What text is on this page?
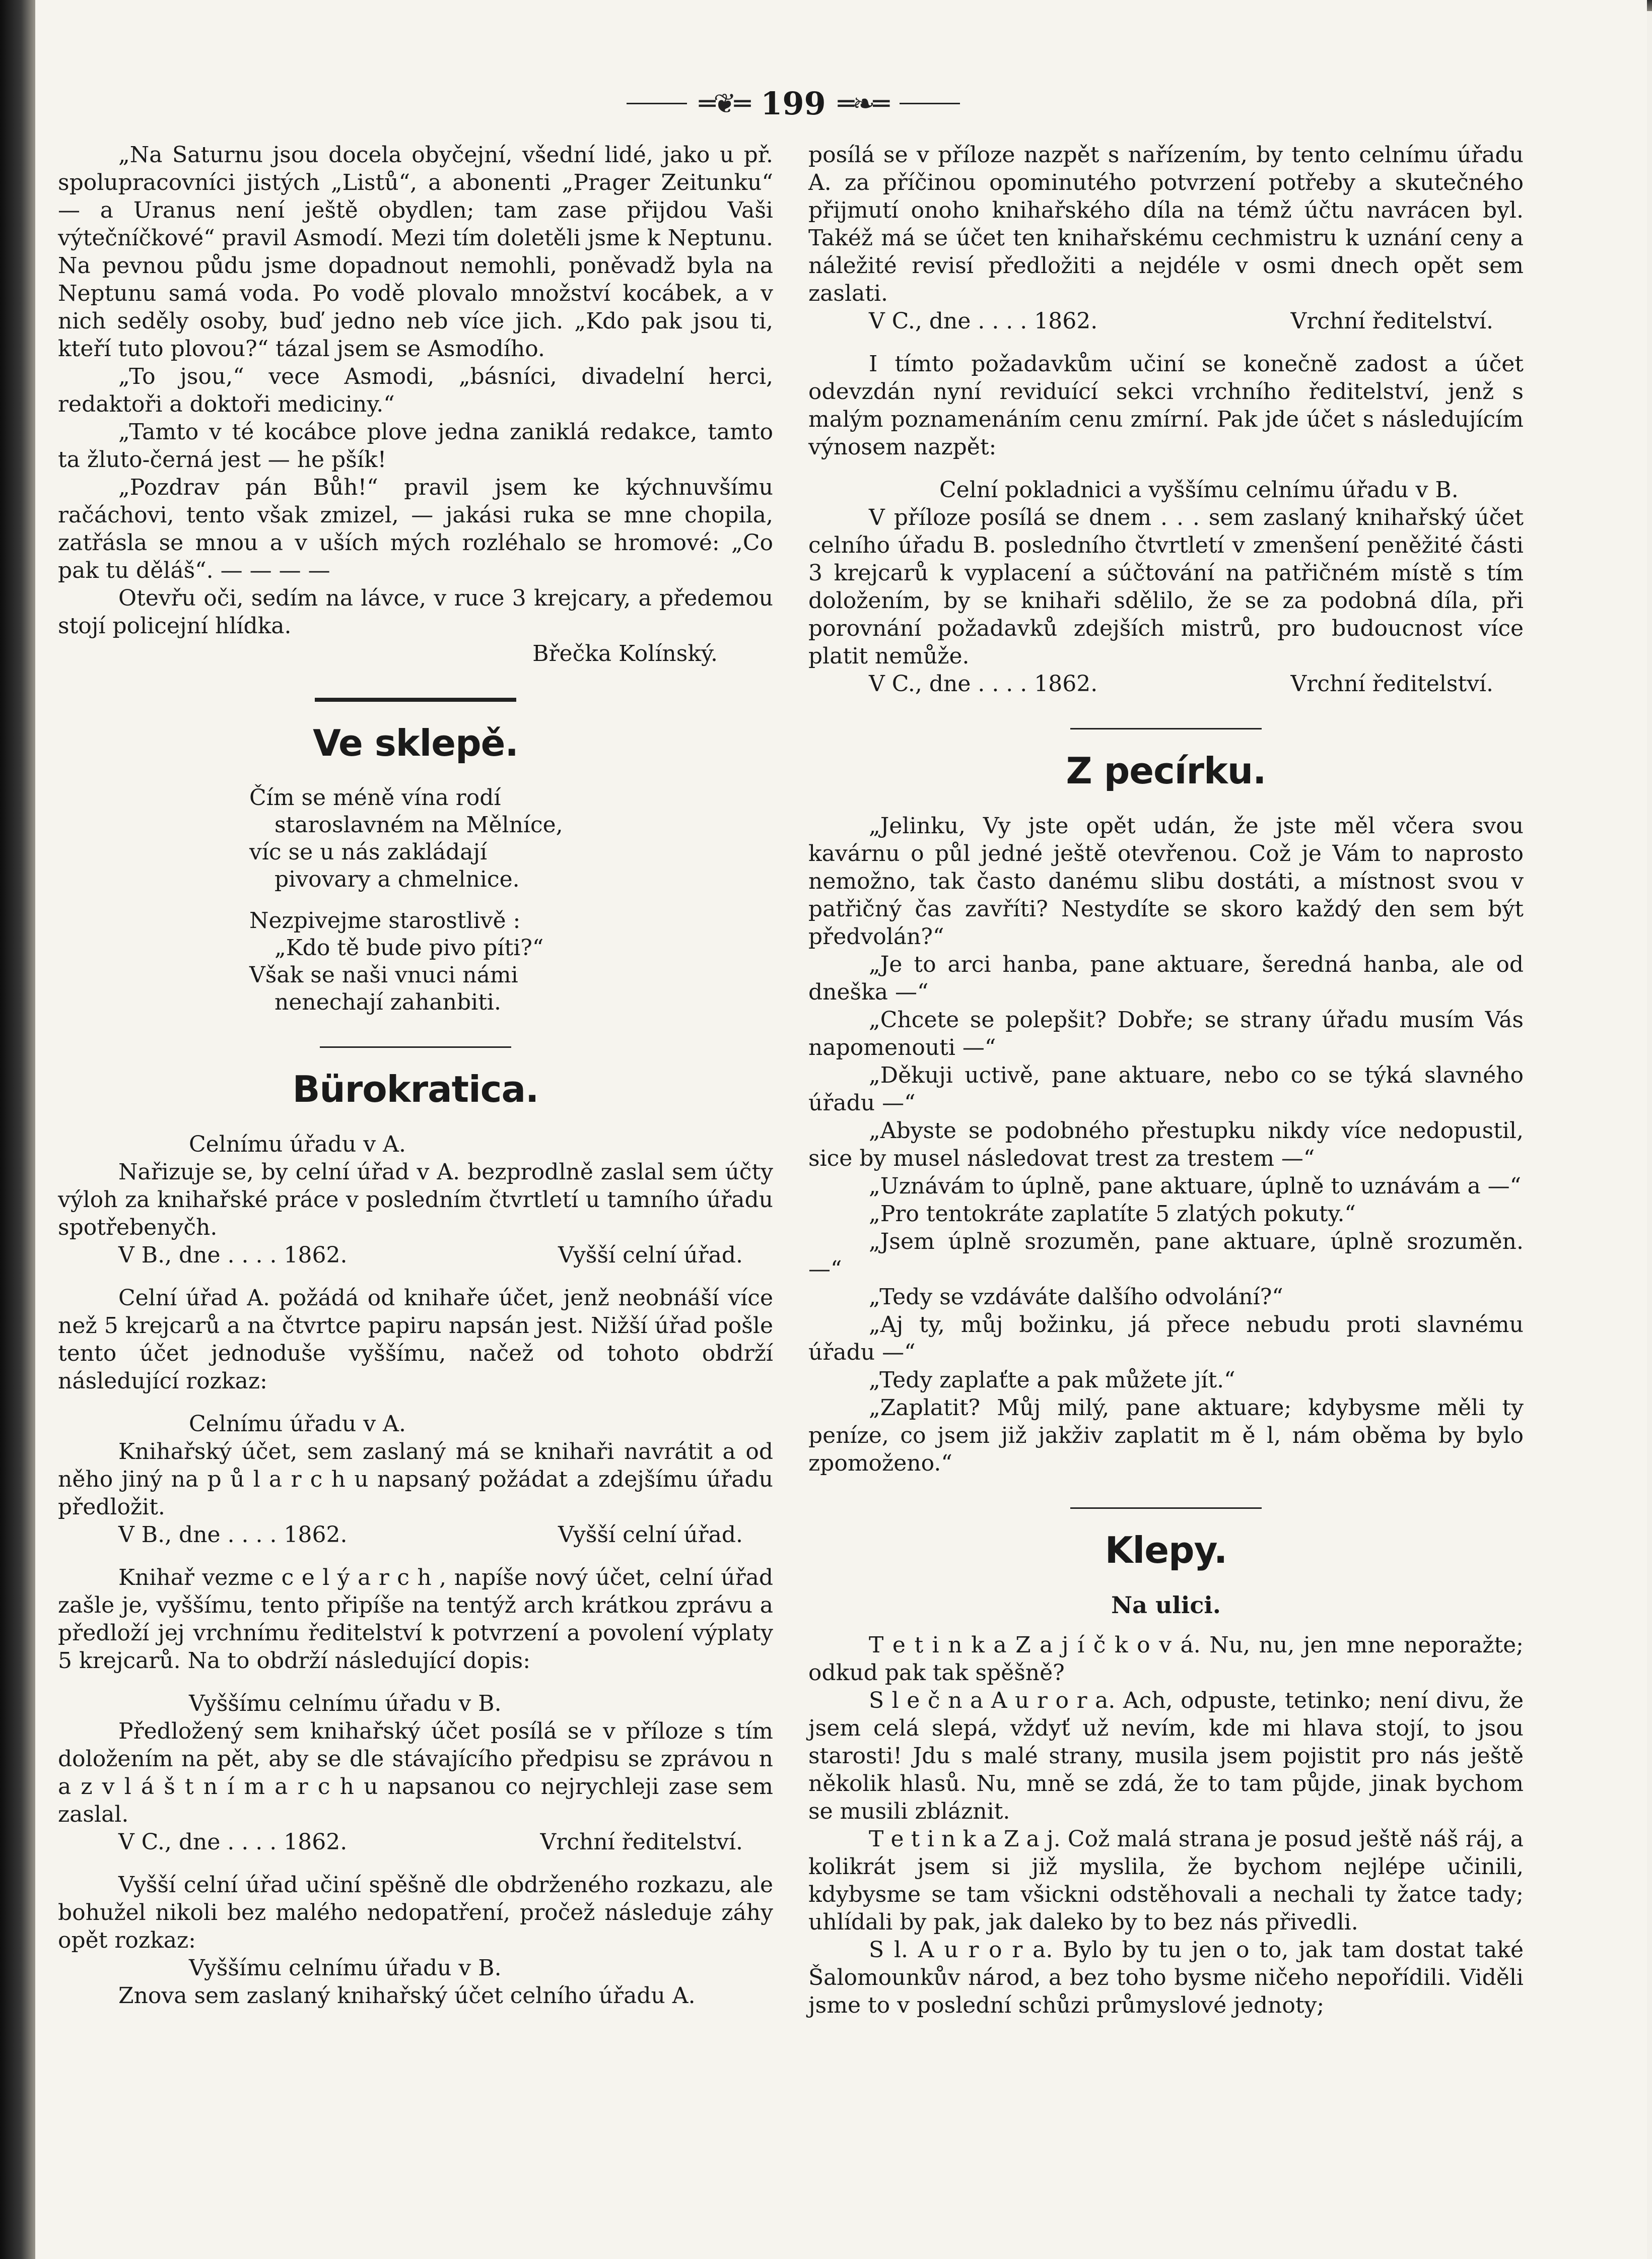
═❦═ 199 ═❧═

„Na Saturnu jsou docela obyčejní, všední lidé, jako u př. spolupracovníci jistých „Listů“, a abonenti „Prager Zeitunku“ — a Uranus není ještě obydlen; tam zase přijdou Vaši výtečníčkové“ pravil Asmodí. Mezi tím doletěli jsme k Neptunu. Na pevnou půdu jsme dopadnout nemohli, poněvadž byla na Neptunu samá voda. Po vodě plovalo množství kocábek, a v nich seděly osoby, buď jedno neb více jich. „Kdo pak jsou ti, kteří tuto plovou?“ tázal jsem se Asmodího.

„To jsou,“ vece Asmodi, „básníci, divadelní herci, redaktoři a doktoři mediciny.“

„Tamto v té kocábce plove jedna zaniklá redakce, tamto ta žluto-černá jest — he pšík!

„Pozdrav pán Bůh!“ pravil jsem ke kýchnuvšímu račáchovi, tento však zmizel, — jakási ruka se mne chopila, zatřásla se mnou a v uších mých rozléhalo se hromové: „Co pak tu děláš“. — — — —

Otevřu oči, sedím na lávce, v ruce 3 krejcary, a předemou stojí policejní hlídka.

Břečka Kolínský.
Ve sklepě.
Čím se méně vína rodí
staroslavném na Mělníce,
víc se u nás zakládají
pivovary a chmelnice.
Nezpivejme starostlivě :
„Kdo tě bude pivo píti?“
Však se naši vnuci námi
nenechají zahanbiti.
Bürokratica.
Celnímu úřadu v A.

Nařizuje se, by celní úřad v A. bezprodlně zaslal sem účty výloh za knihařské práce v posledním čtvrtletí u tamního úřadu spotřebenyčh.

V B., dne . . . . 1862.	Vyšší celní úřad.

Celní úřad A. požádá od knihaře účet, jenž neobnáší více než 5 krejcarů a na čtvrtce papiru napsán jest. Nižší úřad pošle tento účet jednoduše vyššímu, načež od tohoto obdrží následující rozkaz:

Celnímu úřadu v A.

Knihařský účet, sem zaslaný má se knihaři navrátit a od něho jiný na p ů l a r c h u napsaný požádat a zdejšímu úřadu předložit.

V B., dne . . . . 1862.	Vyšší celní úřad.

Knihař vezme c e l ý a r c h , napíše nový účet, celní úřad zašle je, vyššímu, tento připíše na tentýž arch krátkou zprávu a předloží jej vrchnímu ředitelství k potvrzení a povolení výplaty 5 krejcarů. Na to obdrží následující dopis:

Vyššímu celnímu úřadu v B.

Předložený sem knihařský účet posílá se v příloze s tím doložením na pět, aby se dle stávajícího předpisu se zprávou n a z v l á š t n í m a r c h u napsanou co nejrychleji zase sem zaslal.

V C., dne . . . . 1862.	Vrchní ředitelství.

Vyšší celní úřad učiní spěšně dle obdrženého rozkazu, ale bohužel nikoli bez malého nedopatření, pročež následuje záhy opět rozkaz:

Vyššímu celnímu úřadu v B.

Znova sem zaslaný knihařský účet celního úřadu A.

posílá se v příloze nazpět s nařízením, by tento celnímu úřadu A. za příčinou opominutého potvrzení potřeby a skutečného přijmutí onoho knihařského díla na témž účtu navrácen byl. Takéž má se účet ten knihařskému cechmistru k uznání ceny a náležité revisí předložiti a nejdéle v osmi dnech opět sem zaslati.

V C., dne . . . . 1862.	Vrchní ředitelství.

I tímto požadavkům učiní se konečně zadost a účet odevzdán nyní reviduící sekci vrchního ředitelství, jenž s malým poznamenáním cenu zmírní. Pak jde účet s následujícím výnosem nazpět:

Celní pokladnici a vyššímu celnímu úřadu v B.

V příloze posílá se dnem . . . sem zaslaný knihařský účet celního úřadu B. posledního čtvrtletí v zmenšení peněžité části 3 krejcarů k vyplacení a súčtování na patřičném místě s tím doložením, by se knihaři sdělilo, že se za podobná díla, při porovnání požadavků zdejších mistrů, pro budoucnost více platit nemůže.

V C., dne . . . . 1862.	Vrchní ředitelství.
Z pecírku.

„Jelinku, Vy jste opět udán, že jste měl včera svou kavárnu o půl jedné ještě otevřenou. Což je Vám to naprosto nemožno, tak často danému slibu dostáti, a místnost svou v patřičný čas zavříti? Nestydíte se skoro každý den sem být předvolán?“

„Je to arci hanba, pane aktuare, šeredná hanba, ale od dneška —“

„Chcete se polepšit? Dobře; se strany úřadu musím Vás napomenouti —“

„Děkuji uctivě, pane aktuare, nebo co se týká slavného úřadu —“

„Abyste se podobného přestupku nikdy více nedopustil, sice by musel následovat trest za trestem —“

„Uznávám to úplně, pane aktuare, úplně to uznávám a —“

„Pro tentokráte zaplatíte 5 zlatých pokuty.“

„Jsem úplně srozuměn, pane aktuare, úplně srozuměn. —“

„Tedy se vzdáváte dalšího odvolání?“

„Aj ty, můj božinku, já přece nebudu proti slavnému úřadu —“

„Tedy zaplaťte a pak můžete jít.“

„Zaplatit? Můj milý, pane aktuare; kdybysme měli ty peníze, co jsem již jakživ zaplatit m ě l, nám oběma by bylo zpomoženo.“

Klepy.
Na ulici.

T e t i n k a Z a j í č k o v á. Nu, nu, jen mne neporažte; odkud pak tak spěšně?

S l e č n a A u r o r a. Ach, odpuste, tetinko; není divu, že jsem celá slepá, vždyť už nevím, kde mi hlava stojí, to jsou starosti! Jdu s malé strany, musila jsem pojistit pro nás ještě několik hlasů. Nu, mně se zdá, že to tam půjde, jinak bychom se musili zbláznit.

T e t i n k a Z a j. Což malá strana je posud ještě náš ráj, a kolikrát jsem si již myslila, že bychom nejlépe učinili, kdybysme se tam všickni odstěhovali a nechali ty žatce tady; uhlídali by pak, jak daleko by to bez nás přivedli.

S l. A u r o r a. Bylo by tu jen o to, jak tam dostat také Šalomounkův národ, a bez toho bysme ničeho nepořídili. Viděli jsme to v poslední schůzi průmyslové jednoty;
